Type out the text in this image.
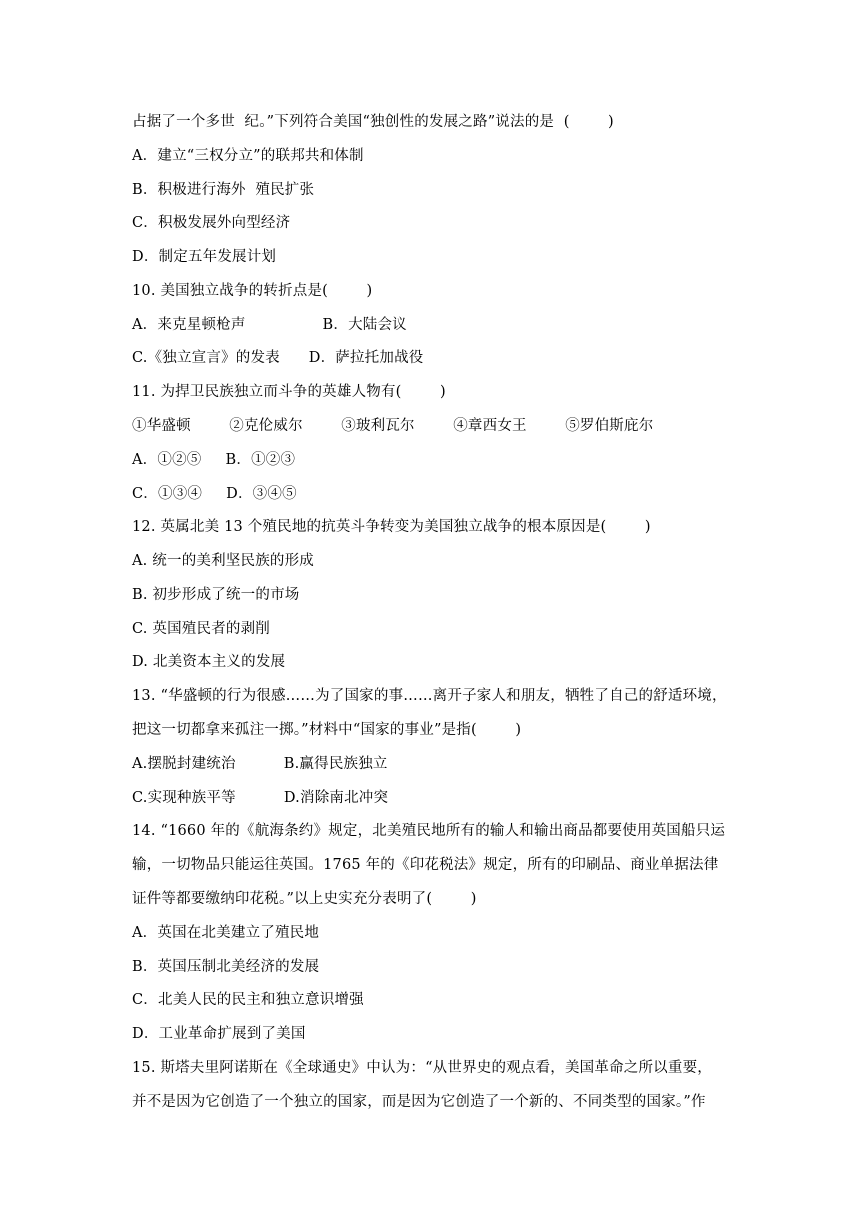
占据了一个多世  纪。”下列符合美国“独创性的发展之路”说法的是  (        )
A．建立“三权分立”的联邦共和体制
B．积极进行海外  殖民扩张
C．积极发展外向型经济
D．制定五年发展计划
10. 美国独立战争的转折点是(        )
A．来克星顿枪声                B．大陆会议
C.《独立宣言》的发表      D．萨拉托加战役
11. 为捍卫民族独立而斗争的英雄人物有(        )
①华盛顿        ②克伦威尔        ③玻利瓦尔        ④章西女王        ⑤罗伯斯庇尔
A．①②⑤     B．①②③
C．①③④     D．③④⑤
12. 英属北美 13 个殖民地的抗英斗争转变为美国独立战争的根本原因是(        )
A. 统一的美利坚民族的形成
B. 初步形成了统一的市场
C. 英国殖民者的剥削
D. 北美资本主义的发展
13. “华盛顿的行为很感……为了国家的事……离开子家人和朋友，牺牲了自己的舒适环境，
把这一切都拿来孤注一掷。”材料中“国家的事业”是指(        )
A.摆脱封建统治          B.赢得民族独立
C.实现种族平等          D.消除南北冲突
14. “1660 年的《航海条约》规定，北美殖民地所有的输人和输出商品都要使用英国船只运
输，一切物品只能运往英国。1765 年的《印花税法》规定，所有的印刷品、商业单据法律
证件等都要缴纳印花税。”以上史实充分表明了(        )
A．英国在北美建立了殖民地
B．英国压制北美经济的发展
C．北美人民的民主和独立意识增强
D．工业革命扩展到了美国
15. 斯塔夫里阿诺斯在《全球通史》中认为：“从世界史的观点看，美国革命之所以重要，
并不是因为它创造了一个独立的国家，而是因为它创造了一个新的、不同类型的国家。”作
